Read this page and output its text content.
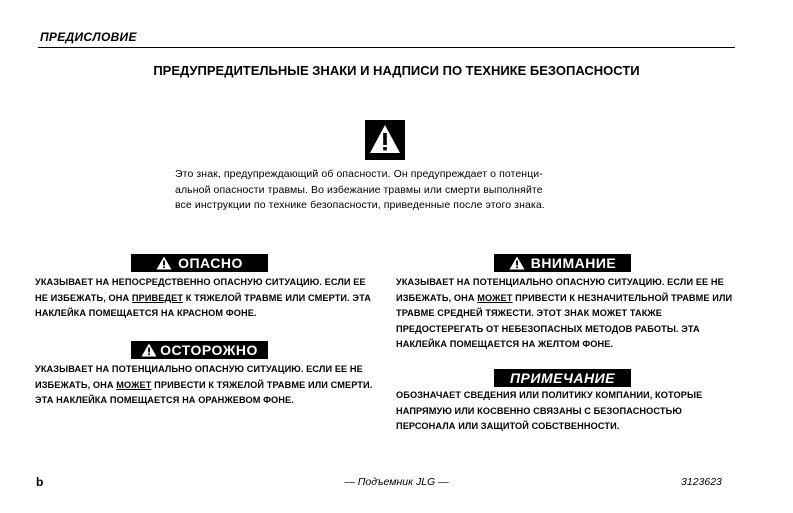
ПРЕДИСЛОВИЕ
ПРЕДУПРЕДИТЕЛЬНЫЕ ЗНАКИ И НАДПИСИ ПО ТЕХНИКЕ БЕЗОПАСНОСТИ
Это знак, предупреждающий об опасности. Он предупреждает о потенци-
альной опасности травмы. Во избежание травмы или смерти выполняйте
все инструкции по технике безопасности, приведенные после этого знака.
ОПАСНО
УКАЗЫВАЕТ НА НЕПОСРЕДСТВЕННО ОПАСНУЮ СИТУАЦИЮ. ЕСЛИ ЕЕ НЕ ИЗБЕЖАТЬ, ОНА ПРИВЕДЕТ К ТЯЖЕЛОЙ ТРАВМЕ ИЛИ СМЕРТИ. ЭТА НАКЛЕЙКА ПОМЕЩАЕТСЯ НА КРАСНОМ ФОНЕ.
ОСТОРОЖНО
УКАЗЫВАЕТ НА ПОТЕНЦИАЛЬНО ОПАСНУЮ СИТУАЦИЮ. ЕСЛИ ЕЕ НЕ ИЗБЕЖАТЬ, ОНА МОЖЕТ ПРИВЕСТИ К ТЯЖЕЛОЙ ТРАВМЕ ИЛИ СМЕРТИ. ЭТА НАКЛЕЙКА ПОМЕЩАЕТСЯ НА ОРАНЖЕВОМ ФОНЕ.
ВНИМАНИЕ
УКАЗЫВАЕТ НА ПОТЕНЦИАЛЬНО ОПАСНУЮ СИТУАЦИЮ. ЕСЛИ ЕЕ НЕ ИЗБЕЖАТЬ, ОНА МОЖЕТ ПРИВЕСТИ К НЕЗНАЧИТЕЛЬНОЙ ТРАВМЕ ИЛИ ТРАВМЕ СРЕДНЕЙ ТЯЖЕСТИ. ЭТОТ ЗНАК МОЖЕТ ТАКЖЕ ПРЕДОСТЕРЕГАТЬ ОТ НЕБЕЗОПАСНЫХ МЕТОДОВ РАБОТЫ. ЭТА НАКЛЕЙКА ПОМЕЩАЕТСЯ НА ЖЕЛТОМ ФОНЕ.
ПРИМЕЧАНИЕ
ОБОЗНАЧАЕТ СВЕДЕНИЯ ИЛИ ПОЛИТИКУ КОМПАНИИ, КОТОРЫЕ НАПРЯМУЮ ИЛИ КОСВЕННО СВЯЗАНЫ С БЕЗОПАСНОСТЬЮ ПЕРСОНАЛА ИЛИ ЗАЩИТОЙ СОБСТВЕННОСТИ.
b	— Подъемник JLG —	3123623
